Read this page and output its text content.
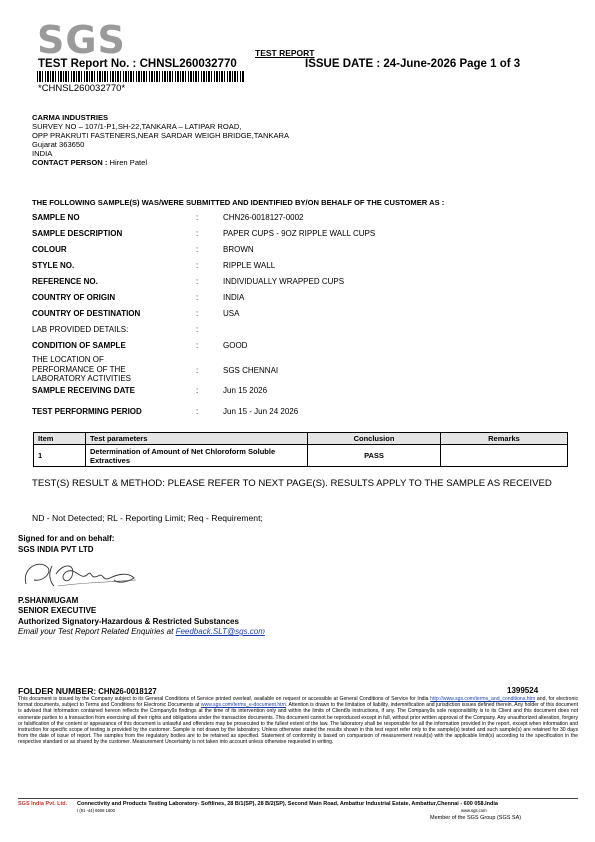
SGS	TEST REPORT
TEST Report No. : CHNSL260032770	ISSUE DATE : 24-June-2026 Page 1 of 3
*CHNSL260032770*
CARMA INDUSTRIES
SURVEY NO – 107/1-P1,SH-22,TANKARA – LATIPAR ROAD,
OPP PRAKRUTI FASTENERS,NEAR SARDAR WEIGH BRIDGE,TANKARA
Gujarat 363650
INDIA
CONTACT PERSON : Hiren Patel
THE FOLLOWING SAMPLE(S) WAS/WERE SUBMITTED AND IDENTIFIED BY/ON BEHALF OF THE CUSTOMER AS :
SAMPLE NO	:	CHN26-0018127-0002
SAMPLE DESCRIPTION	:	PAPER CUPS - 9OZ RIPPLE WALL CUPS
COLOUR	:	BROWN
STYLE NO.	:	RIPPLE WALL
REFERENCE NO.	:	INDIVIDUALLY WRAPPED CUPS
COUNTRY OF ORIGIN	:	INDIA
COUNTRY OF DESTINATION	:	USA
LAB PROVIDED DETAILS:	:
CONDITION OF SAMPLE	:	GOOD
THE LOCATION OF PERFORMANCE OF THE LABORATORY ACTIVITIES
:	SGS CHENNAI
SAMPLE RECEIVING DATE	:	Jun 15 2026
TEST PERFORMING PERIOD	:	Jun 15 - Jun 24 2026
Item	Test parameters	Conclusion	Remarks
1	Determination of Amount of Net Chloroform Soluble Extractives	PASS	
TEST(S) RESULT & METHOD: PLEASE REFER TO NEXT PAGE(S). RESULTS APPLY TO THE SAMPLE AS RECEIVED
ND - Not Detected; RL - Reporting Limit; Req - Requirement;
Signed for and on behalf:
SGS INDIA PVT LTD
P.SHANMUGAM
SENIOR EXECUTIVE
Authorized Signatory-Hazardous & Restricted Substances
Email your Test Report Related Enquiries at Feedback.SLT@sgs.com
FOLDER NUMBER: CHN26-0018127	1399524
This document is issued by the Company subject to its General Conditions of Service printed overleaf, available on request or accessible at General Conditions of Service for India http://www.sgs.com/terms_and_conditions.htm and, for electronic format documents, subject to Terms and Conditions for Electronic Documents at www.sgs.com/terms_e-document.htm. Attention is drawn to the limitation of liability, indemnification and jurisdiction issues defined therein. Any holder of this document is advised that information contained hereon reflects the Company9s findings at the time of its intervention only and within the limits of Client9s instructions, if any. The Company9s sole responsibility is to its Client and this document does not exonerate parties to a transaction from exercising all their rights and obligations under the transaction documents. This document cannot be reproduced except in full, without prior written approval of the Company. Any unauthorized alteration, forgery or falsification of the content or appearance of this document is unlawful and offenders may be prosecuted to the fullest extent of the law. The laboratory shall be responsible for all the information provided in the report, except when information and instruction for specific scope of testing is provided by the customer. Sample is not drawn by the laboratory. Unless otherwise stated the results shown in this test report refer only to the sample(s) tested and such sample(s) are retained for 30 days from the date of issue of report. The samples from the regulatory bodies are to be retained as specified. Statement of conformity is based on comparison of measurement result(s) with the applicable limit(s) according to the specification in the respective standard or as shared by the customer. Measurement Uncertainty is not taken into account unless otherwise requested in writing.
SGS India Pvt. Ltd. Connectivity and Products Testing Laboratory- Softlines, 28 B/1(SP), 28 B/2(SP), Second Main Road, Ambattur Industrial Estate, Ambattur,Chennai - 600 058.India
t (91 -44) 6608 1600	www.sgs.com
Member of the SGS Group (SGS SA)
